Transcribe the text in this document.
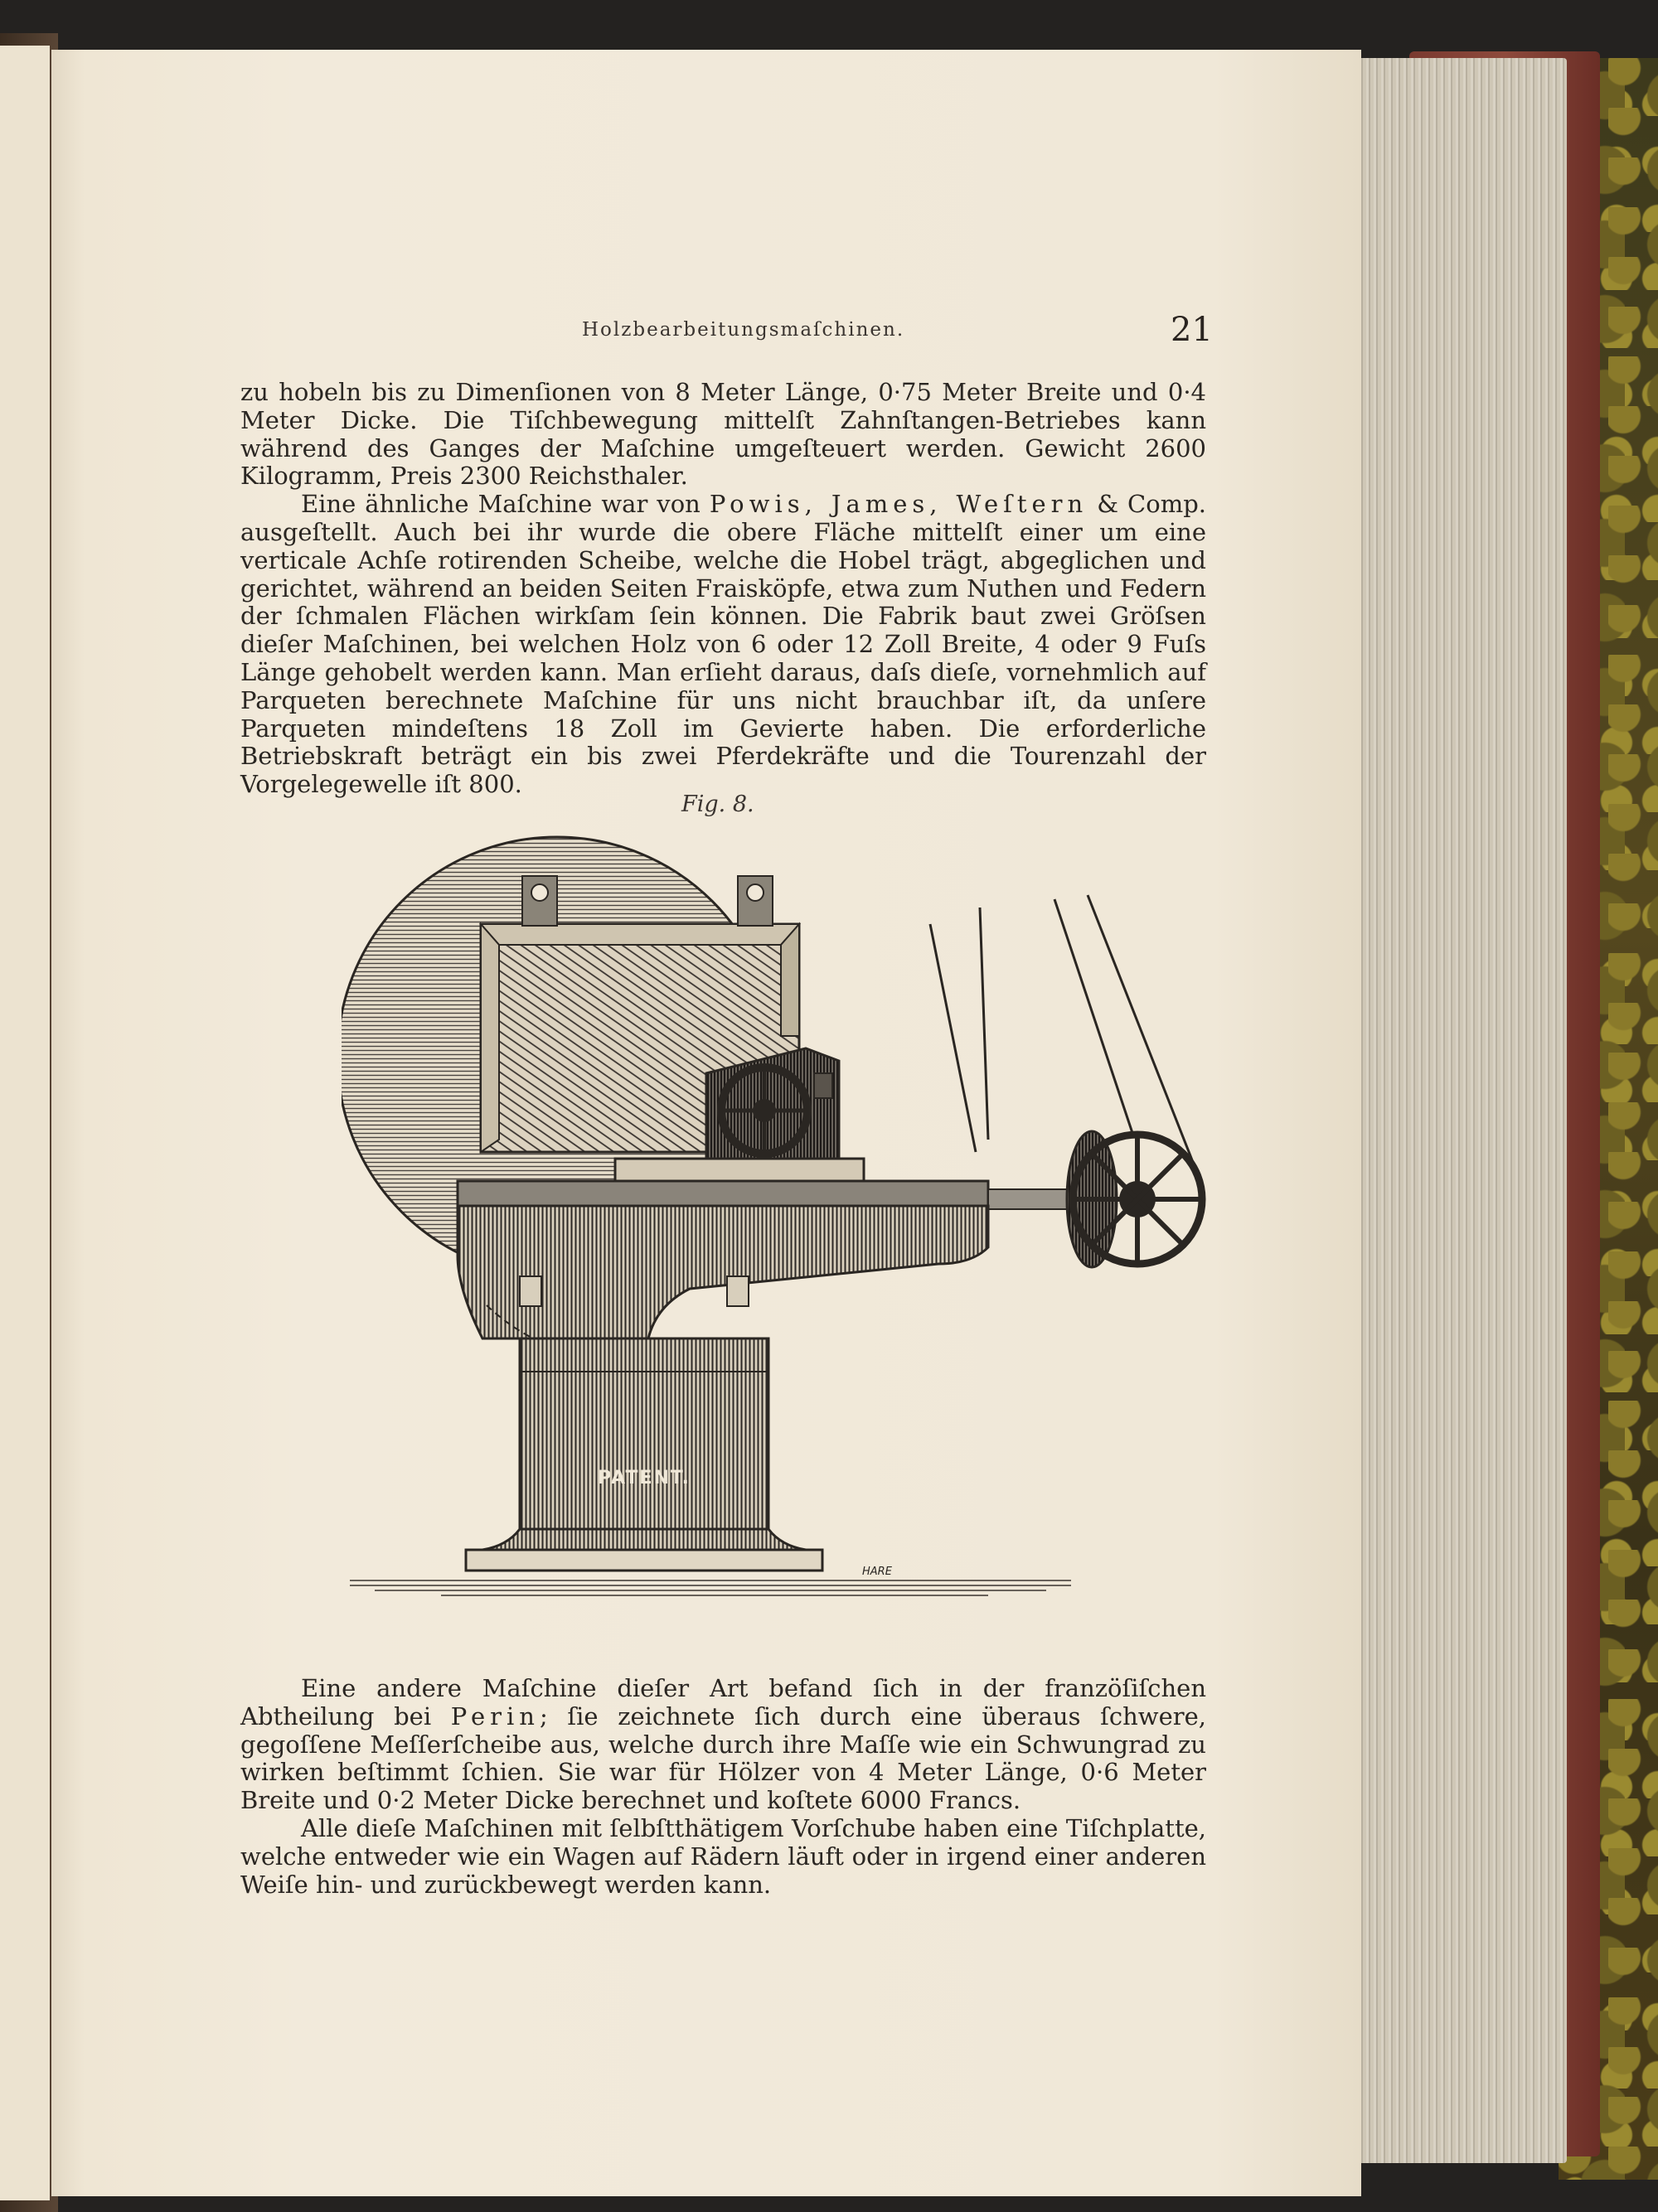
Holzbearbeitungsmaſchinen.	21

zu hobeln bis zu Dimenſionen von 8 Meter Länge, 0·75 Meter Breite und 0·4 Meter Dicke. Die Tiſchbewegung mittelſt Zahnſtangen-Betriebes kann während des Ganges der Maſchine umgeſteuert werden. Gewicht 2600 Kilogramm, Preis 2300 Reichsthaler.

Eine ähnliche Maſchine war von Powis, James, Weſtern & Comp. ausgeſtellt. Auch bei ihr wurde die obere Fläche mittelſt einer um eine verticale Achſe rotirenden Scheibe, welche die Hobel trägt, abgeglichen und gerichtet, während an beiden Seiten Fraisköpfe, etwa zum Nuthen und Federn der ſchmalen Flächen wirkſam ſein können. Die Fabrik baut zwei Gröſsen dieſer Maſchinen, bei welchen Holz von 6 oder 12 Zoll Breite, 4 oder 9 Fuſs Länge gehobelt werden kann. Man erſieht daraus, daſs dieſe, vornehmlich auf Parqueten berechnete Maſchine für uns nicht brauchbar iſt, da unſere Parqueten mindeſtens 18 Zoll im Gevierte haben. Die erforderliche Betriebskraft beträgt ein bis zwei Pferdekräfte und die Tourenzahl der Vorgelegewelle iſt 800.

Fig. 8.
PATENT.
HARE

Eine andere Maſchine dieſer Art befand ſich in der franzöſiſchen Abtheilung bei Perin; ſie zeichnete ſich durch eine überaus ſchwere, gegoſſene Meſſerſcheibe aus, welche durch ihre Maſſe wie ein Schwungrad zu wirken beſtimmt ſchien. Sie war für Hölzer von 4 Meter Länge, 0·6 Meter Breite und 0·2 Meter Dicke berechnet und koſtete 6000 Francs.

Alle dieſe Maſchinen mit ſelbſtthätigem Vorſchube haben eine Tiſchplatte, welche entweder wie ein Wagen auf Rädern läuft oder in irgend einer anderen Weiſe hin- und zurückbewegt werden kann.
